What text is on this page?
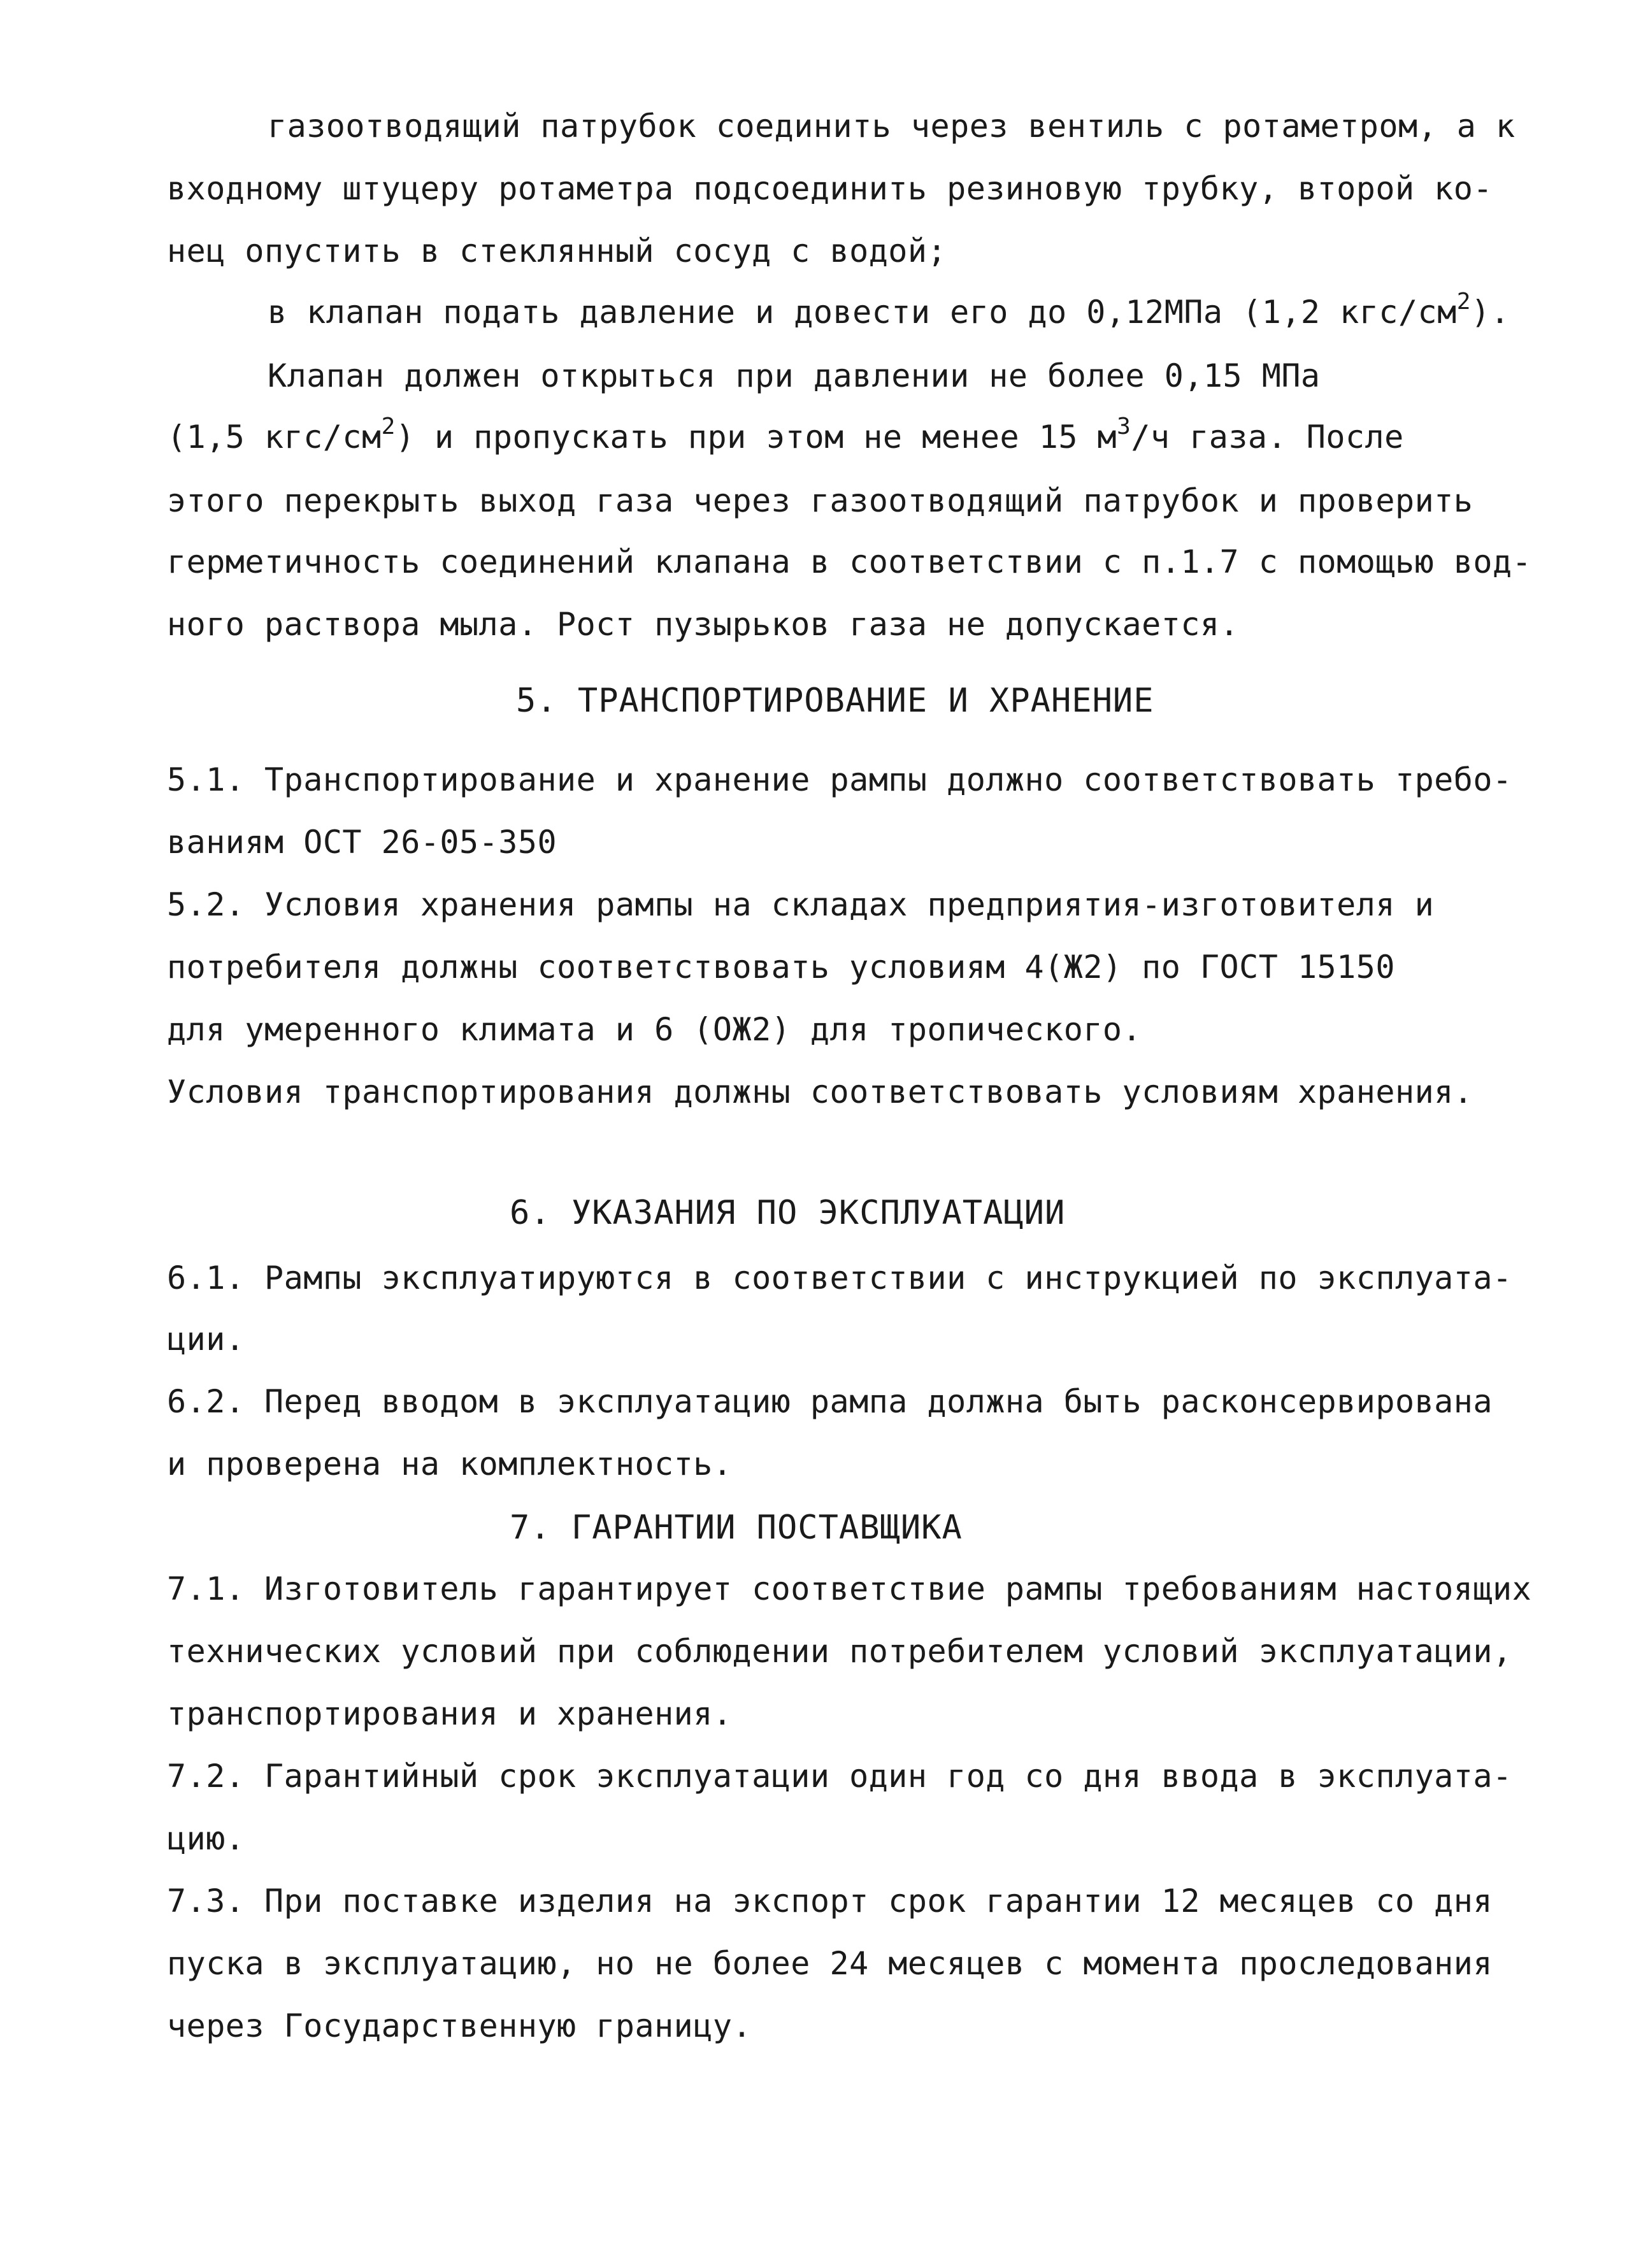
газоотводящий патрубок соединить через вентиль с ротаметром, а к
входному штуцеру ротаметра подсоединить резиновую трубку, второй ко-
нец опустить в стеклянный сосуд с водой;
в клапан подать давление и довести его до 0,12МПа (1,2 кгс/$см^2$).
Клапан должен открыться при давлении не более 0,15 МПа
(1,5 кгс/$см^2$) и пропускать при этом не менее 15 $м^3/ч$ газа. После
этого перекрыть выход газа через газоотводящий патрубок и проверить
герметичность соединений клапана в соответствии с п.1.7 с помощью вод-
ного раствора мыла. Рост пузырьков газа не допускается.
5. ТРАНСПОРТИРОВАНИЕ И ХРАНЕНИЕ
5.1. Транспортирование и хранение рампы должно соответствовать требо-
ваниям ОСТ 26-05-350
5.2. Условия хранения рампы на складах предприятия-изготовителя и
потребителя должны соответствовать условиям 4(Ж2) по ГОСТ 15150
для умеренного климата и 6 (ОЖ2) для тропического.
Условия транспортирования должны соответствовать условиям хранения.
6. УКАЗАНИЯ ПО ЭКСПЛУАТАЦИИ
6.1. Рампы эксплуатируются в соответствии с инструкцией по эксплуата-
ции.
6.2. Перед вводом в эксплуатацию рампа должна быть расконсервирована
и проверена на комплектность.
7. ГАРАНТИИ ПОСТАВЩИКА
7.1. Изготовитель гарантирует соответствие рампы требованиям настоящих
технических условий при соблюдении потребителем условий эксплуатации,
транспортирования и хранения.
7.2. Гарантийный срок эксплуатации один год со дня ввода в эксплуата-
цию.
7.3. При поставке изделия на экспорт срок гарантии 12 месяцев со дня
пуска в эксплуатацию, но не более 24 месяцев с момента проследования
через Государственную границу.
